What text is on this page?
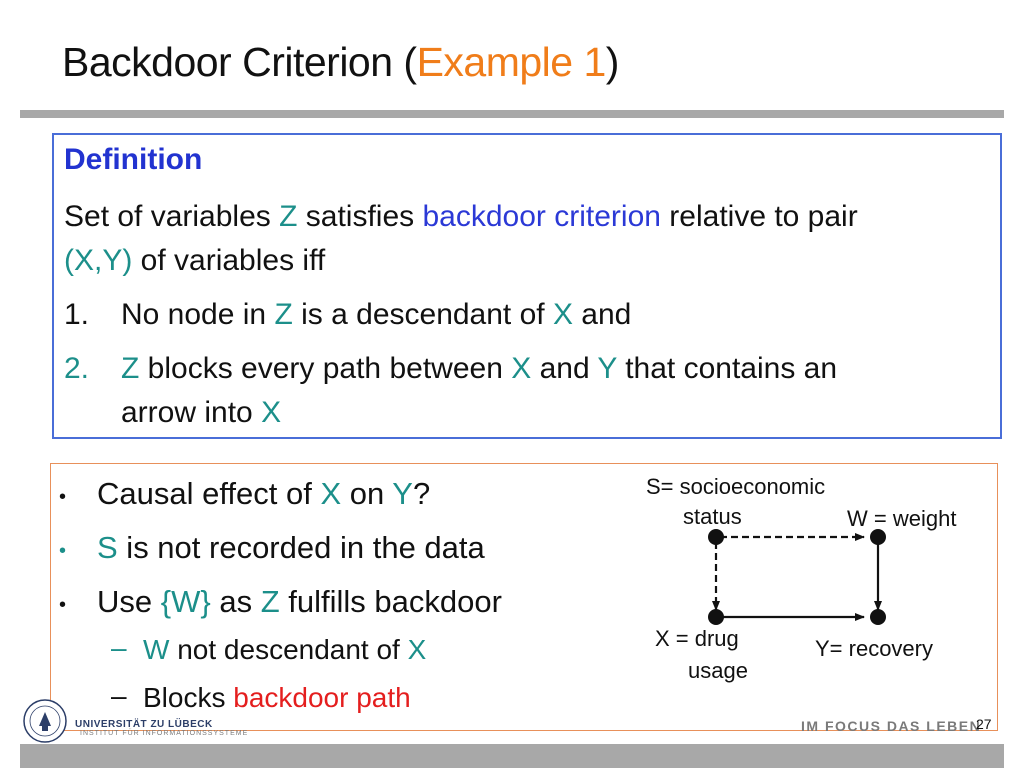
Backdoor Criterion (Example 1)
Definition
Set of variables Z satisfies backdoor criterion relative to pair
(X,Y) of variables iff
1. No node in Z is a descendant of X and
2. Z blocks every path between X and Y that contains an
arrow into X
• Causal effect of X on Y?
• S is not recorded in the data
• Use {W} as Z fulfills backdoor
– W not descendant of X
– Blocks backdoor path
S= socioeconomic
status	W = weight
X = drug
usage
Y= recovery
UNIVERSITÄT ZU LÜBECK
INSTITUT FÜR INFORMATIONSSYSTEME	IM FOCUS DAS LEBEN
27
